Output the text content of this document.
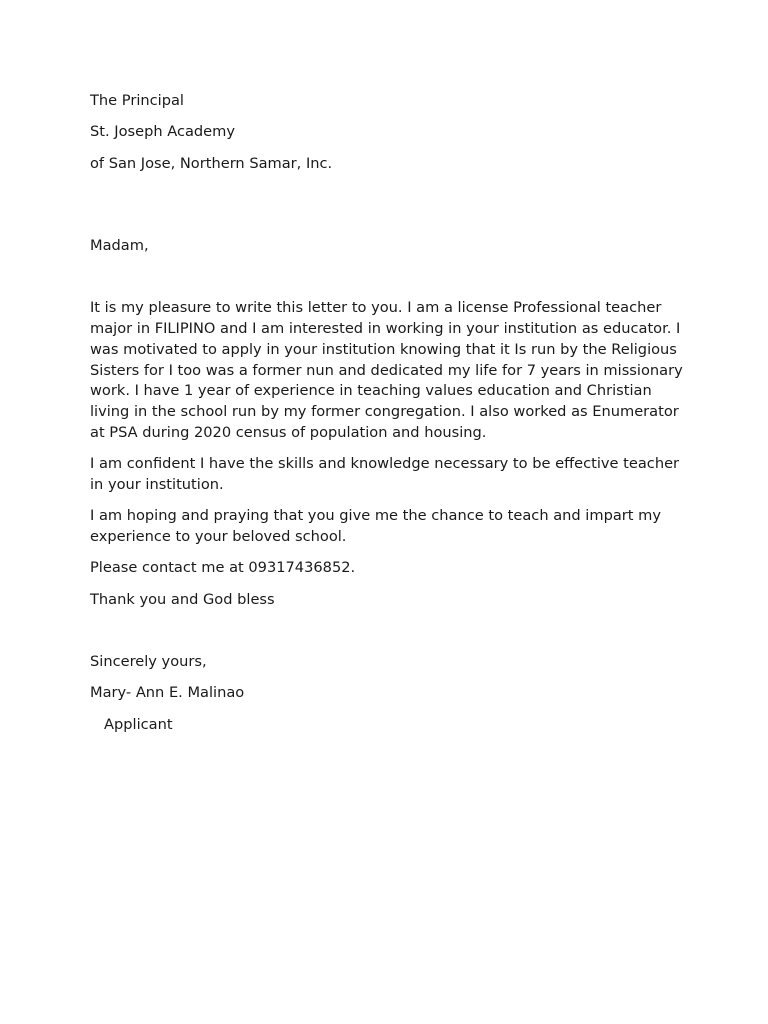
The Principal

St. Joseph Academy

of San Jose, Northern Samar, Inc.

Madam,

It is my pleasure to write this letter to you. I am a license Professional teacher major in FILIPINO and I am interested in working in your institution as educator. I was motivated to apply in your institution knowing that it Is run by the Religious Sisters for I too was a former nun and dedicated my life for 7 years in missionary work. I have 1 year of experience in teaching values education and Christian living in the school run by my former congregation. I also worked as Enumerator at PSA during 2020 census of population and housing.

I am confident I have the skills and knowledge necessary to be effective teacher in your institution.

I am hoping and praying that you give me the chance to teach and impart my experience to your beloved school.

Please contact me at 09317436852.

Thank you and God bless

Sincerely yours,

Mary- Ann E. Malinao

Applicant
